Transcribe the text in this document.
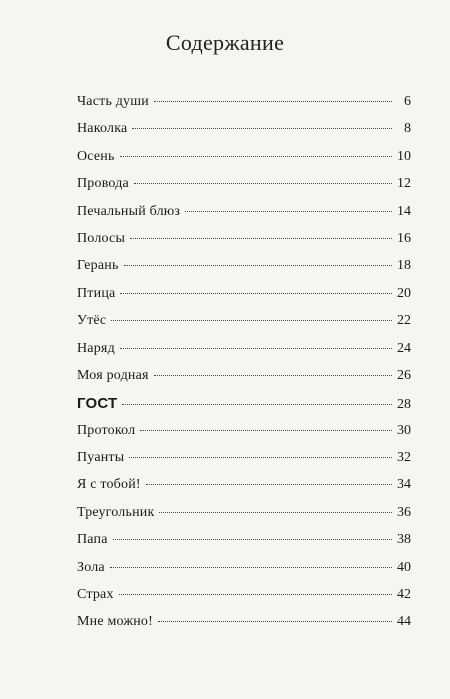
Содержание
Часть души	6
Наколка	8
Осень	10
Провода	12
Печальный блюз	14
Полосы	16
Герань	18
Птица	20
Утёс	22
Наряд	24
Моя родная	26
ГОСТ	28
Протокол	30
Пуанты	32
Я с тобой!	34
Треугольник	36
Папа	38
Зола	40
Страх	42
Мне можно!	44
